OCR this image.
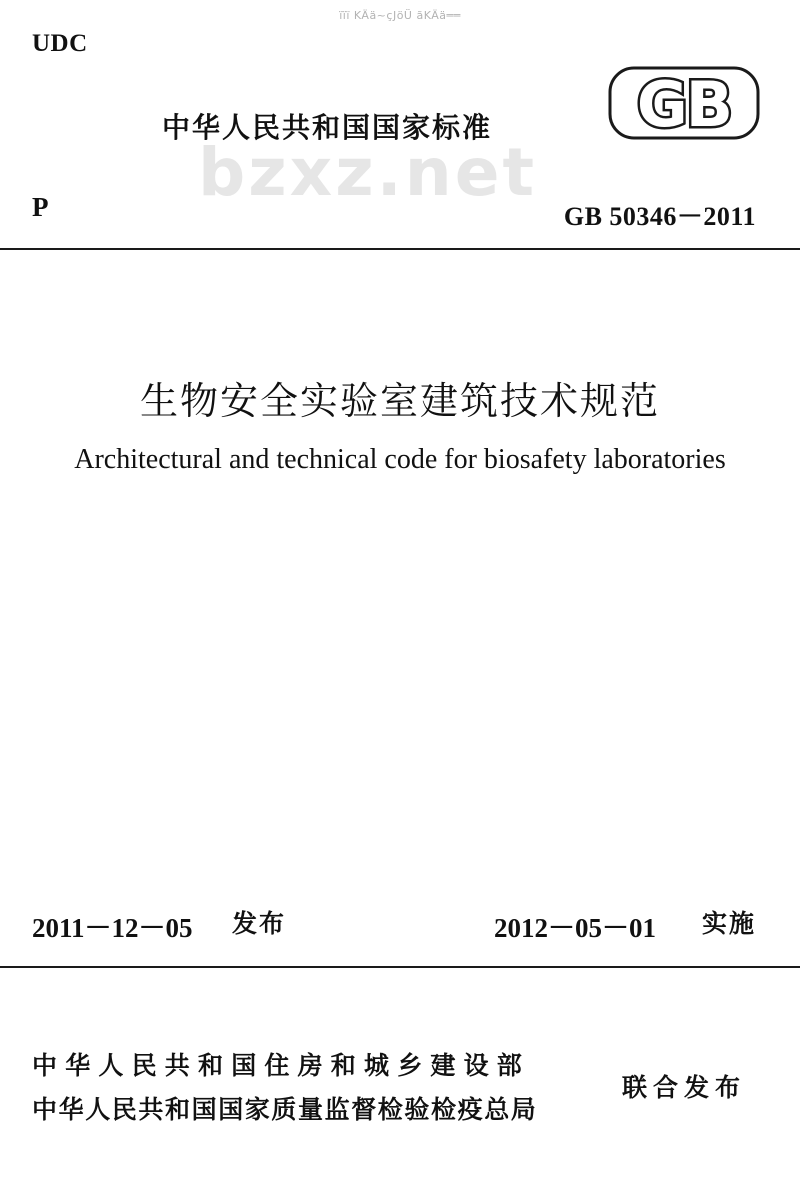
ïïï KÄä~çJöÜ ãKÄä══
UDC
中华人民共和国国家标准
bzxz.net
GB
P	GB 50346－2011
生物安全实验室建筑技术规范
Architectural and technical code for biosafety laboratories
2011－12－05 发布	2012－05－01 实施
中华人民共和国住房和城乡建设部
中华人民共和国国家质量监督检验检疫总局
联合发布
